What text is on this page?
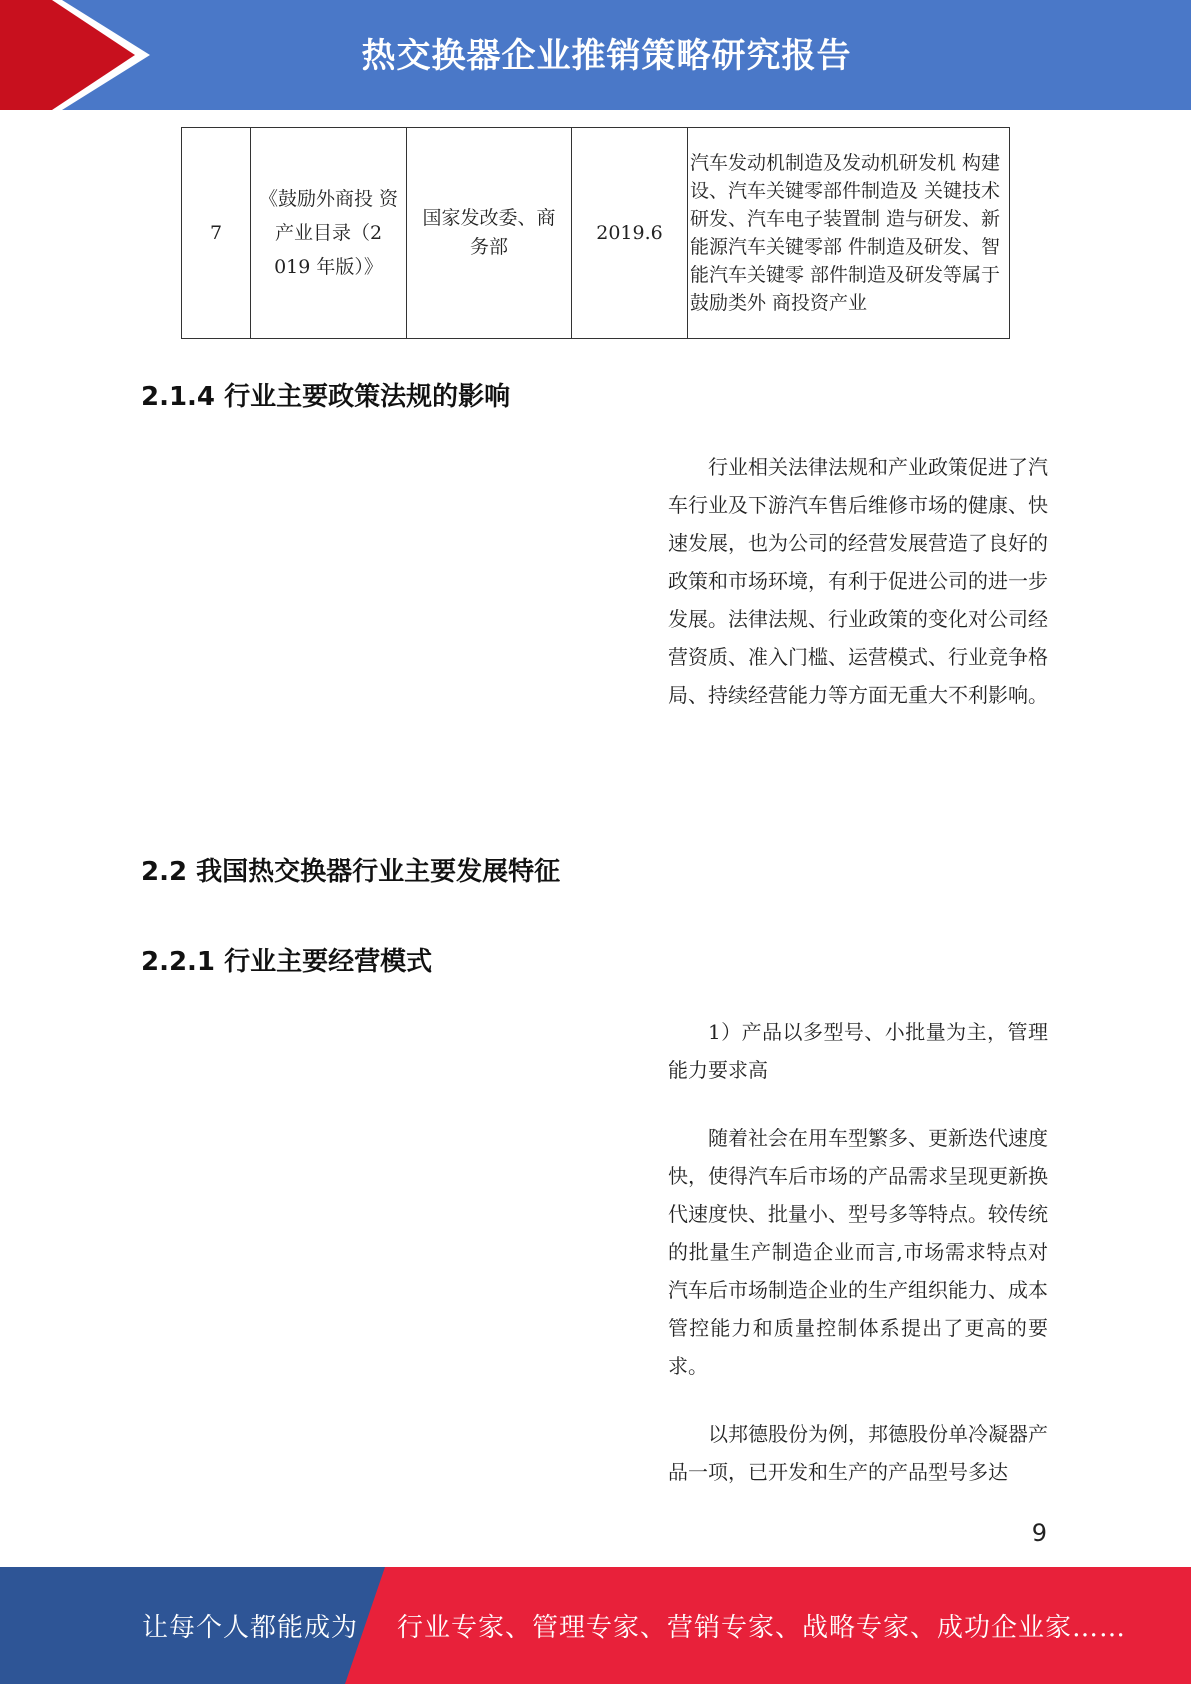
热交换器企业推销策略研究报告
7	《鼓励外商投 资产业目录（2 019 年版）》	国家发改委、商 务部	2019.6	汽车发动机制造及发动机研发机 构建设、汽车关键零部件制造及 关键技术研发、汽车电子装置制 造与研发、新能源汽车关键零部 件制造及研发、智能汽车关键零 部件制造及研发等属于鼓励类外 商投资产业
2.1.4 行业主要政策法规的影响

行业相关法律法规和产业政策促进了汽车行业及下游汽车售后维修市场的健康、快速发展，也为公司的经营发展营造了良好的政策和市场环境，有利于促进公司的进一步发展。法律法规、行业政策的变化对公司经营资质、准入门槛、运营模式、行业竞争格局、持续经营能力等方面无重大不利影响。

2.2 我国热交换器行业主要发展特征
2.2.1 行业主要经营模式

1）产品以多型号、小批量为主，管理能力要求高

随着社会在用车型繁多、更新迭代速度快，使得汽车后市场的产品需求呈现更新换代速度快、批量小、型号多等特点。较传统的批量生产制造企业而言,市场需求特点对汽车后市场制造企业的生产组织能力、成本管控能力和质量控制体系提出了更高的要求。

以邦德股份为例，邦德股份单冷凝器产品一项，已开发和生产的产品型号多达

9
让每个人都能成为 行业专家、管理专家、营销专家、战略专家、成功企业家……
